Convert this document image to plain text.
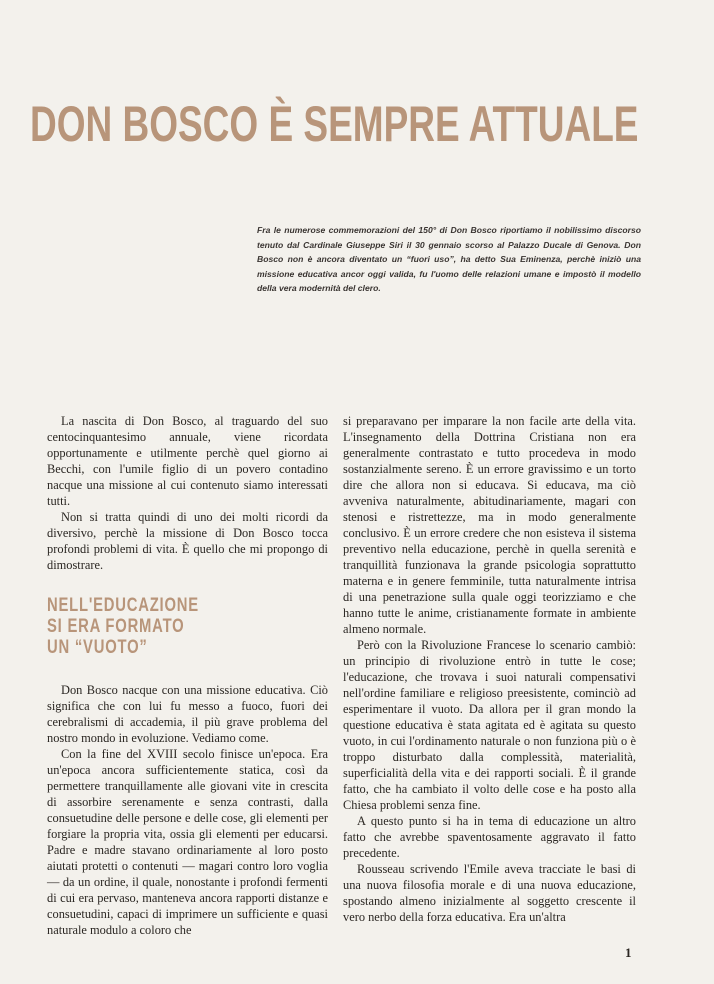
DON BOSCO È SEMPRE ATTUALE

Fra le numerose commemorazioni del 150° di Don Bosco riportiamo il nobilissimo discorso tenuto dal Cardinale Giuseppe Siri il 30 gennaio scorso al Palazzo Ducale di Genova. Don Bosco non è ancora diventato un “fuori uso”, ha detto Sua Eminenza, perchè iniziò una missione educativa ancor oggi valida, fu l'uomo delle relazioni umane e impostò il modello della vera modernità del clero.

La nascita di Don Bosco, al traguardo del suo centocinquantesimo annuale, viene ricordata opportunamente e utilmente perchè quel giorno ai Becchi, con l'umile figlio di un povero contadino nacque una missione al cui contenuto siamo interessati tutti.

Non si tratta quindi di uno dei molti ricordi da diversivo, perchè la missione di Don Bosco tocca profondi problemi di vita. È quello che mi propongo di dimostrare.

NELL'EDUCAZIONE
SI ERA FORMATO
UN “VUOTO”

Don Bosco nacque con una missione educativa. Ciò significa che con lui fu messo a fuoco, fuori dei cerebralismi di accademia, il più grave problema del nostro mondo in evoluzione. Vediamo come.

Con la fine del XVIII secolo finisce un'epoca. Era un'epoca ancora sufficientemente statica, così da permettere tranquillamente alle giovani vite in crescita di assorbire serenamente e senza contrasti, dalla consuetudine delle persone e delle cose, gli elementi per forgiare la propria vita, ossia gli elementi per educarsi. Padre e madre stavano ordinariamente al loro posto aiutati protetti o contenuti — magari contro loro voglia — da un ordine, il quale, nonostante i profondi fermenti di cui era pervaso, manteneva ancora rapporti distanze e consuetudini, capaci di imprimere un sufficiente e quasi naturale modulo a coloro che

si preparavano per imparare la non facile arte della vita. L'insegnamento della Dottrina Cristiana non era generalmente contrastato e tutto procedeva in modo sostanzialmente sereno. È un errore gravissimo e un torto dire che allora non si educava. Si educava, ma ciò avveniva naturalmente, abitudinariamente, magari con stenosi e ristrettezze, ma in modo generalmente conclusivo. È un errore credere che non esisteva il sistema preventivo nella educazione, perchè in quella serenità e tranquillità funzionava la grande psicologia soprattutto materna e in genere femminile, tutta naturalmente intrisa di una penetrazione sulla quale oggi teorizziamo e che hanno tutte le anime, cristianamente formate in ambiente almeno normale.

Però con la Rivoluzione Francese lo scenario cambiò: un principio di rivoluzione entrò in tutte le cose; l'educazione, che trovava i suoi naturali compensativi nell'ordine familiare e religioso preesistente, cominciò ad esperimentare il vuoto. Da allora per il gran mondo la questione educativa è stata agitata ed è agitata su questo vuoto, in cui l'ordinamento naturale o non funziona più o è troppo disturbato dalla complessità, materialità, superficialità della vita e dei rapporti sociali. È il grande fatto, che ha cambiato il volto delle cose e ha posto alla Chiesa problemi senza fine.

A questo punto si ha in tema di educazione un altro fatto che avrebbe spaventosamente aggravato il fatto precedente.

Rousseau scrivendo l'Emile aveva tracciate le basi di una nuova filosofia morale e di una nuova educazione, spostando almeno inizialmente al soggetto crescente il vero nerbo della forza educativa. Era un'altra

1
